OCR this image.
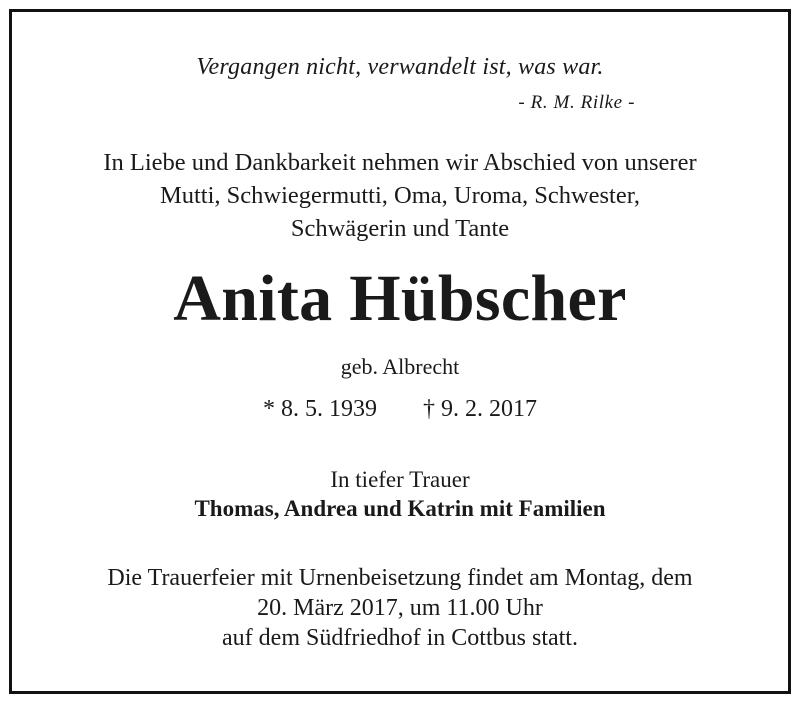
Vergangen nicht, verwandelt ist, was war.

- R. M. Rilke -

In Liebe und Dankbarkeit nehmen wir Abschied von unserer
Mutti, Schwiegermutti, Oma, Uroma, Schwester,
Schwägerin und Tante
Anita Hübscher

geb. Albrecht

* 8. 5. 1939 † 9. 2. 2017

In tiefer Trauer

Thomas, Andrea und Katrin mit Familien

Die Trauerfeier mit Urnenbeisetzung findet am Montag, dem
20. März 2017, um 11.00 Uhr
auf dem Südfriedhof in Cottbus statt.
